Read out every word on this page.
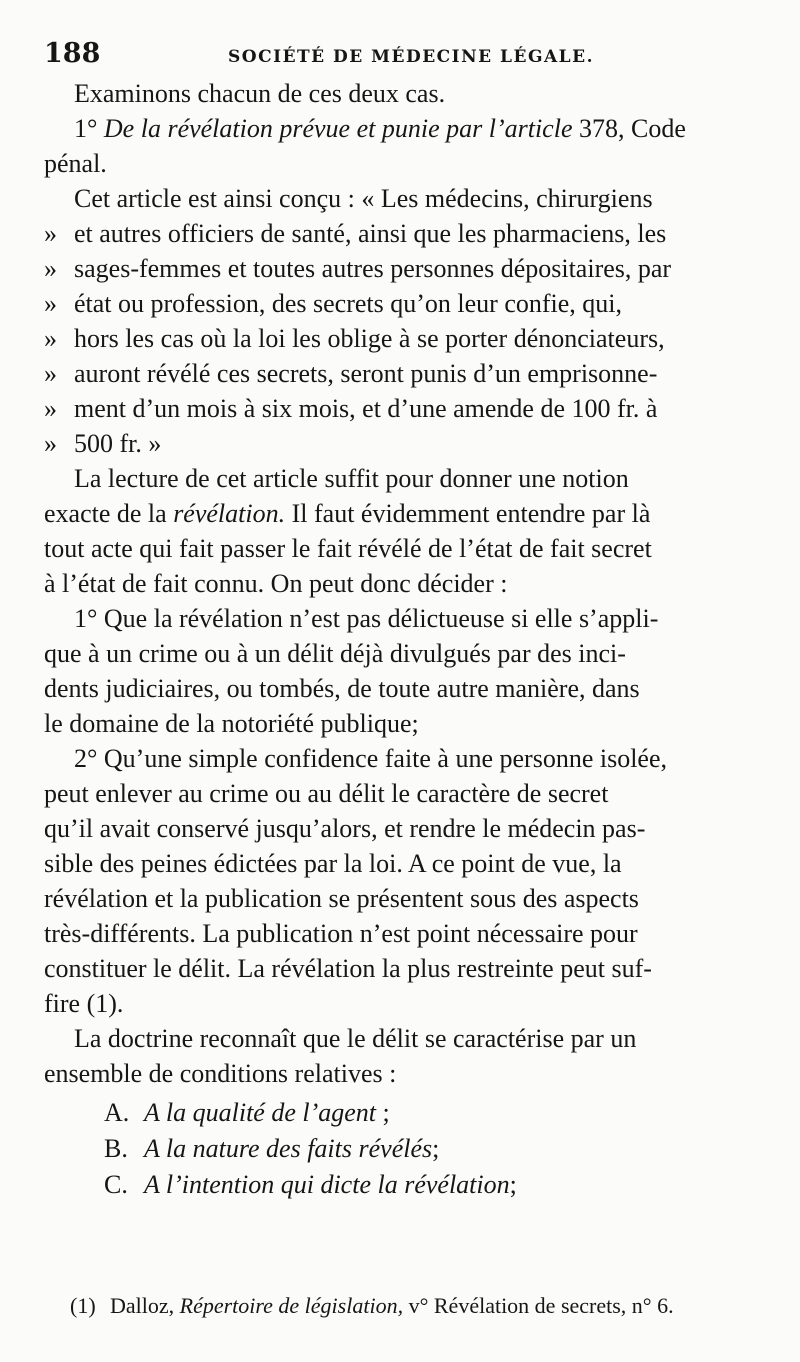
188	SOCIÉTÉ DE MÉDECINE LÉGALE.
Examinons chacun de ces deux cas.
1° De la révélation prévue et punie par l’article 378, Code
pénal.
Cet article est ainsi conçu : « Les médecins, chirurgiens
» et autres officiers de santé, ainsi que les pharmaciens, les
» sages-femmes et toutes autres personnes dépositaires, par
» état ou profession, des secrets qu’on leur confie, qui,
» hors les cas où la loi les oblige à se porter dénonciateurs,
» auront révélé ces secrets, seront punis d’un emprisonne-
» ment d’un mois à six mois, et d’une amende de 100 fr. à
» 500 fr. »
La lecture de cet article suffit pour donner une notion
exacte de la révélation. Il faut évidemment entendre par là
tout acte qui fait passer le fait révélé de l’état de fait secret
à l’état de fait connu. On peut donc décider :
1° Que la révélation n’est pas délictueuse si elle s’appli-
que à un crime ou à un délit déjà divulgués par des inci-
dents judiciaires, ou tombés, de toute autre manière, dans
le domaine de la notoriété publique;
2° Qu’une simple confidence faite à une personne isolée,
peut enlever au crime ou au délit le caractère de secret
qu’il avait conservé jusqu’alors, et rendre le médecin pas-
sible des peines édictées par la loi. A ce point de vue, la
révélation et la publication se présentent sous des aspects
très-différents. La publication n’est point nécessaire pour
constituer le délit. La révélation la plus restreinte peut suf-
fire (1).
La doctrine reconnaît que le délit se caractérise par un
ensemble de conditions relatives :
A. A la qualité de l’agent ;
B. A la nature des faits révélés;
C. A l’intention qui dicte la révélation;
(1) Dalloz, Répertoire de législation, v° Révélation de secrets, n° 6.
